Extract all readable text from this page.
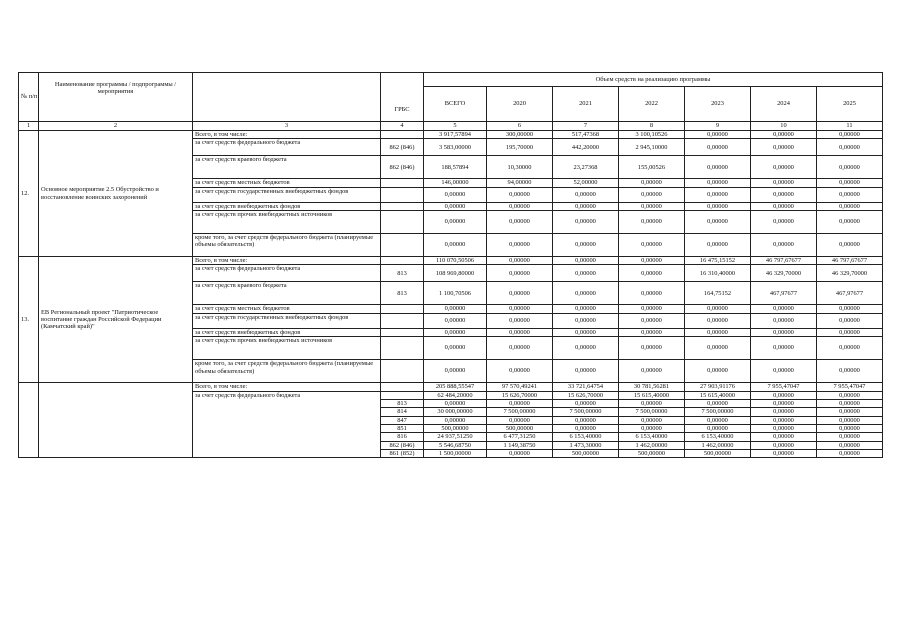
№ п/п	Наименование программы / подпрограммы / мероприятия		ГРБС	Объем средств на реализацию программы						
				ВСЕГО	2020	2021	2022	2023	2024	2025
1	2	3	4	5	6	7	8	9	10	11
12.	Основное мероприятие 2.5 Обустройство и восстановление воинских захоронений	Всего, в том числе:		3 917,57894	300,00000	517,47368	3 100,10526	0,00000	0,00000	0,00000
		за счет средств федерального бюджета	862 (846)	3 583,00000	195,70000	442,20000	2 945,10000	0,00000	0,00000	0,00000
		за счет средств краевого бюджета	862 (846)	188,57894	10,30000	23,27368	155,00526	0,00000	0,00000	0,00000
		за счет средств местных бюджетов		146,00000	94,00000	52,00000	0,00000	0,00000	0,00000	0,00000
		за счет средств государственных внебюджетных фондов		0,00000	0,00000	0,00000	0,00000	0,00000	0,00000	0,00000
		за счет средств внебюджетных фондов		0,00000	0,00000	0,00000	0,00000	0,00000	0,00000	0,00000
		за счет средств прочих внебюджетных источников		0,00000	0,00000	0,00000	0,00000	0,00000	0,00000	0,00000
		кроме того, за счет средств федерального бюджета (планируемые объемы обязательств)		0,00000	0,00000	0,00000	0,00000	0,00000	0,00000	0,00000
13.	ЕВ Региональный проект "Патриотическое воспитание граждан Российской Федерации (Камчатский край)"	Всего, в том числе:		110 070,50506	0,00000	0,00000	0,00000	16 475,15152	46 797,67677	46 797,67677
		за счет средств федерального бюджета	813	108 969,80000	0,00000	0,00000	0,00000	16 310,40000	46 329,70000	46 329,70000
		за счет средств краевого бюджета	813	1 100,70506	0,00000	0,00000	0,00000	164,75152	467,97677	467,97677
		за счет средств местных бюджетов		0,00000	0,00000	0,00000	0,00000	0,00000	0,00000	0,00000
		за счет средств государственных внебюджетных фондов		0,00000	0,00000	0,00000	0,00000	0,00000	0,00000	0,00000
		за счет средств внебюджетных фондов		0,00000	0,00000	0,00000	0,00000	0,00000	0,00000	0,00000
		за счет средств прочих внебюджетных источников		0,00000	0,00000	0,00000	0,00000	0,00000	0,00000	0,00000
		кроме того, за счет средств федерального бюджета (планируемые объемы обязательств)		0,00000	0,00000	0,00000	0,00000	0,00000	0,00000	0,00000
		Всего, в том числе:		205 888,55547	97 570,49241	33 721,64754	30 781,56281	27 903,91176	7 955,47047	7 955,47047
		за счет средств федерального бюджета		62 484,20000	15 626,70000	15 626,70000	15 615,40000	15 615,40000	0,00000	0,00000
			813	0,00000	0,00000	0,00000	0,00000	0,00000	0,00000	0,00000
			814	30 000,00000	7 500,00000	7 500,00000	7 500,00000	7 500,00000	0,00000	0,00000
			847	0,00000	0,00000	0,00000	0,00000	0,00000	0,00000	0,00000
			851	500,00000	500,00000	0,00000	0,00000	0,00000	0,00000	0,00000
			816	24 937,51250	6 477,31250	6 153,40000	6 153,40000	6 153,40000	0,00000	0,00000
			862 (846)	5 546,68750	1 149,38750	1 473,30000	1 462,00000	1 462,00000	0,00000	0,00000
			861 (852)	1 500,00000	0,00000	500,00000	500,00000	500,00000	0,00000	0,00000
